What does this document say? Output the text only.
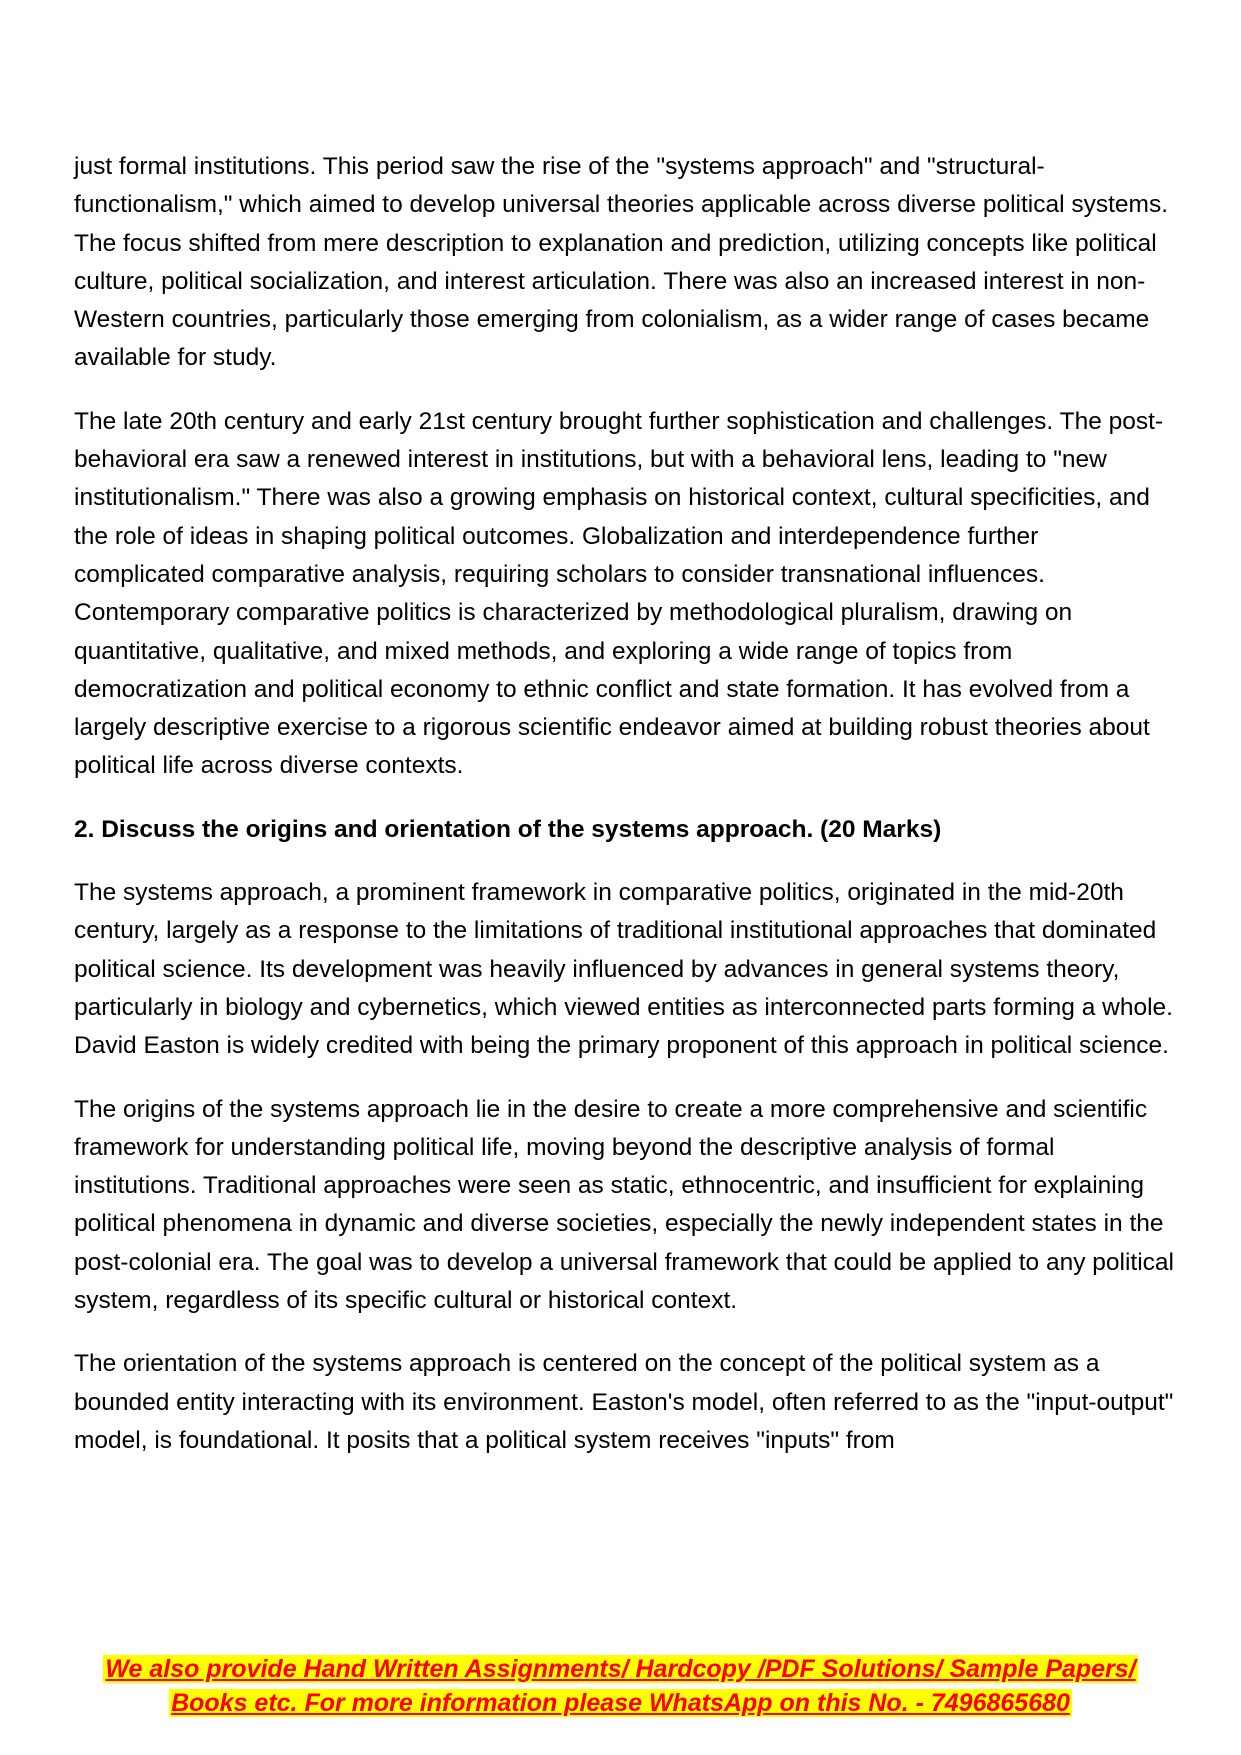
just formal institutions. This period saw the rise of the "systems approach" and "structural-functionalism," which aimed to develop universal theories applicable across diverse political systems. The focus shifted from mere description to explanation and prediction, utilizing concepts like political culture, political socialization, and interest articulation. There was also an increased interest in non-Western countries, particularly those emerging from colonialism, as a wider range of cases became available for study.

The late 20th century and early 21st century brought further sophistication and challenges. The post-behavioral era saw a renewed interest in institutions, but with a behavioral lens, leading to "new institutionalism." There was also a growing emphasis on historical context, cultural specificities, and the role of ideas in shaping political outcomes. Globalization and interdependence further complicated comparative analysis, requiring scholars to consider transnational influences. Contemporary comparative politics is characterized by methodological pluralism, drawing on quantitative, qualitative, and mixed methods, and exploring a wide range of topics from democratization and political economy to ethnic conflict and state formation. It has evolved from a largely descriptive exercise to a rigorous scientific endeavor aimed at building robust theories about political life across diverse contexts.

2. Discuss the origins and orientation of the systems approach. (20 Marks)

The systems approach, a prominent framework in comparative politics, originated in the mid-20th century, largely as a response to the limitations of traditional institutional approaches that dominated political science. Its development was heavily influenced by advances in general systems theory, particularly in biology and cybernetics, which viewed entities as interconnected parts forming a whole. David Easton is widely credited with being the primary proponent of this approach in political science.

The origins of the systems approach lie in the desire to create a more comprehensive and scientific framework for understanding political life, moving beyond the descriptive analysis of formal institutions. Traditional approaches were seen as static, ethnocentric, and insufficient for explaining political phenomena in dynamic and diverse societies, especially the newly independent states in the post-colonial era. The goal was to develop a universal framework that could be applied to any political system, regardless of its specific cultural or historical context.

The orientation of the systems approach is centered on the concept of the political system as a bounded entity interacting with its environment. Easton's model, often referred to as the "input-output" model, is foundational. It posits that a political system receives "inputs" from

We also provide Hand Written Assignments/ Hardcopy /PDF Solutions/ Sample Papers/
Books etc. For more information please WhatsApp on this No. - 7496865680
